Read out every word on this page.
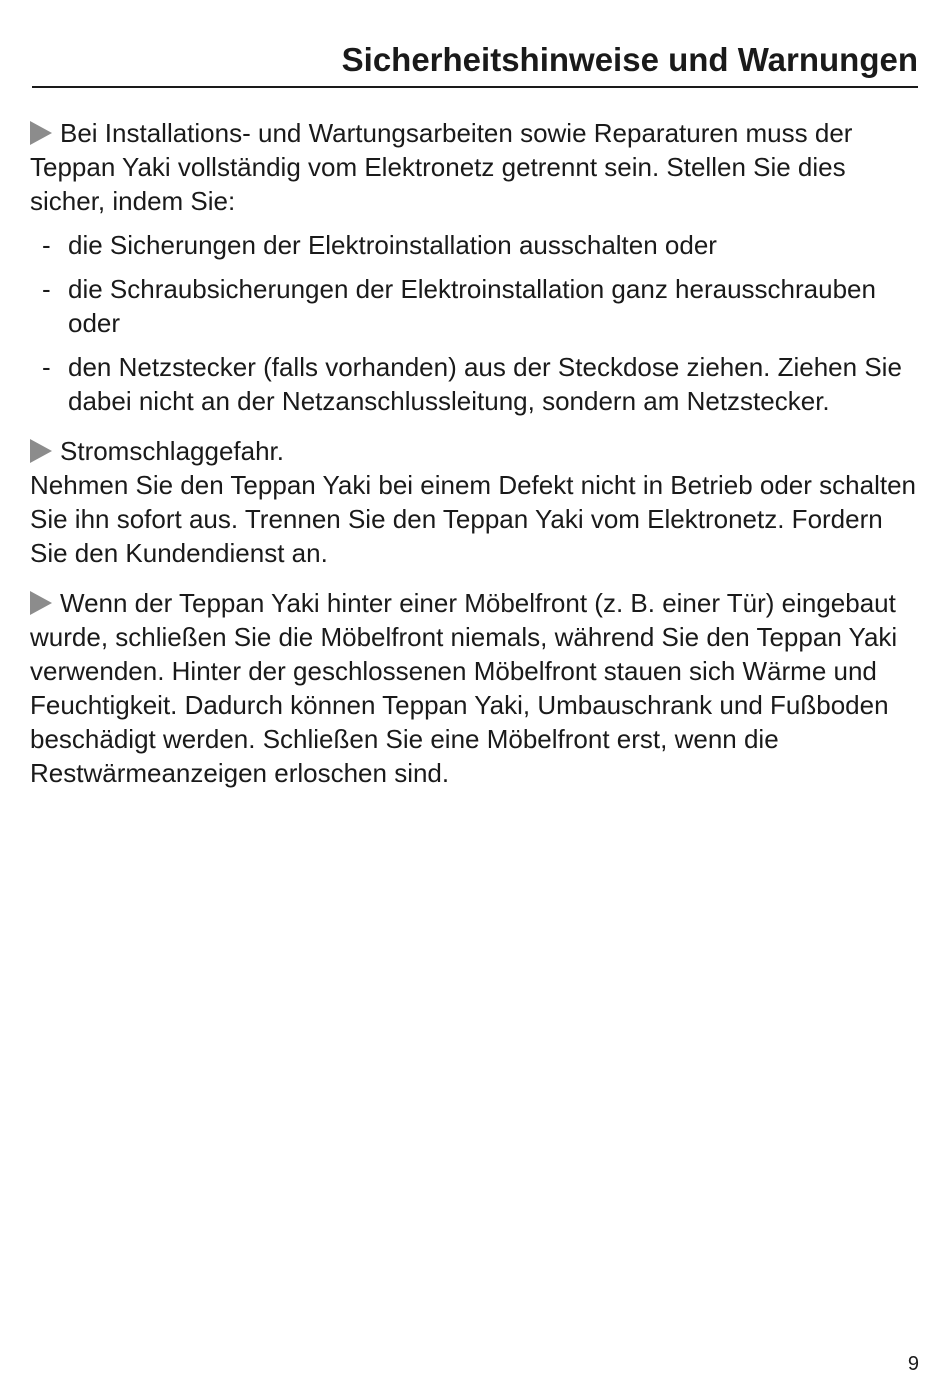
Sicherheitshinweise und Warnungen

Bei Installations- und Wartungsarbeiten sowie Reparaturen muss der Teppan Yaki vollständig vom Elektronetz getrennt sein. Stellen Sie dies sicher, indem Sie:

- die Sicherungen der Elektroinstallation ausschalten oder
- die Schraubsicherungen der Elektroinstallation ganz herausschrauben oder
- den Netzstecker (falls vorhanden) aus der Steckdose ziehen. Ziehen Sie dabei nicht an der Netzanschlussleitung, sondern am Netzstecker.

Stromschlaggefahr.
Nehmen Sie den Teppan Yaki bei einem Defekt nicht in Betrieb oder schalten Sie ihn sofort aus. Trennen Sie den Teppan Yaki vom Elektronetz. Fordern Sie den Kundendienst an.

Wenn der Teppan Yaki hinter einer Möbelfront (z. B. einer Tür) eingebaut wurde, schließen Sie die Möbelfront niemals, während Sie den Teppan Yaki verwenden. Hinter der geschlossenen Möbelfront stauen sich Wärme und Feuchtigkeit. Dadurch können Teppan Yaki, Umbauschrank und Fußboden beschädigt werden. Schließen Sie eine Möbelfront erst, wenn die Restwärmeanzeigen erloschen sind.

9
